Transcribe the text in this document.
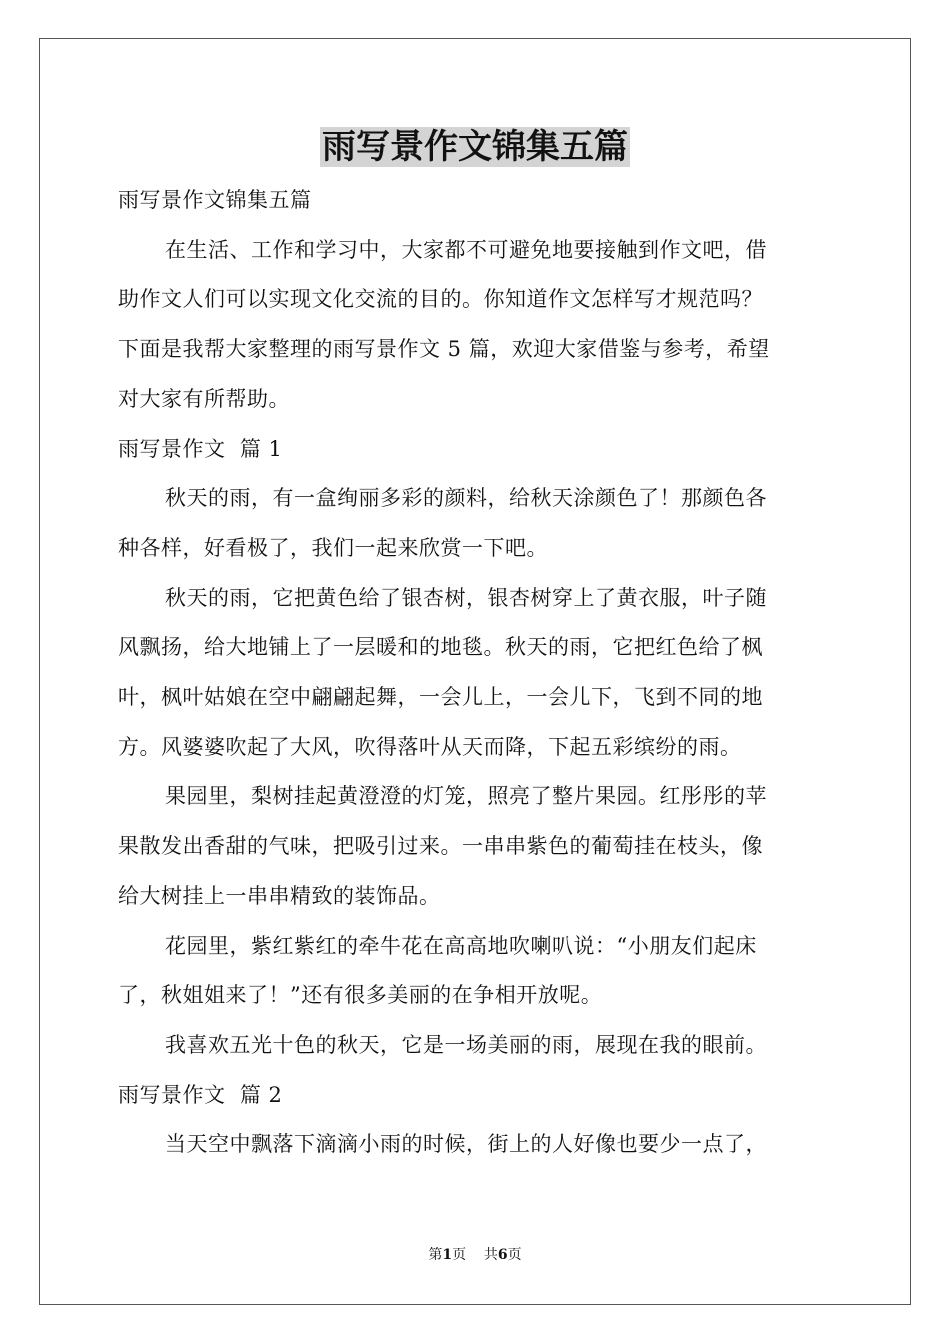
雨写景作文锦集五篇
雨写景作文锦集五篇
在生活、工作和学习中，大家都不可避免地要接触到作文吧，借
助作文人们可以实现文化交流的目的。你知道作文怎样写才规范吗？
下面是我帮大家整理的雨写景作文 5 篇，欢迎大家借鉴与参考，希望
对大家有所帮助。
雨写景作文  篇 1
秋天的雨，有一盒绚丽多彩的颜料，给秋天涂颜色了！那颜色各
种各样，好看极了，我们一起来欣赏一下吧。
秋天的雨，它把黄色给了银杏树，银杏树穿上了黄衣服，叶子随
风飘扬，给大地铺上了一层暖和的地毯。秋天的雨，它把红色给了枫
叶，枫叶姑娘在空中翩翩起舞，一会儿上，一会儿下，飞到不同的地
方。风婆婆吹起了大风，吹得落叶从天而降，下起五彩缤纷的雨。
果园里，梨树挂起黄澄澄的灯笼，照亮了整片果园。红彤彤的苹
果散发出香甜的气味，把吸引过来。一串串紫色的葡萄挂在枝头，像
给大树挂上一串串精致的装饰品。
花园里，紫红紫红的牵牛花在高高地吹喇叭说：“小朋友们起床
了，秋姐姐来了！”还有很多美丽的在争相开放呢。
我喜欢五光十色的秋天，它是一场美丽的雨，展现在我的眼前。
雨写景作文  篇 2
当天空中飘落下滴滴小雨的时候，街上的人好像也要少一点了，
第1页    共6页
